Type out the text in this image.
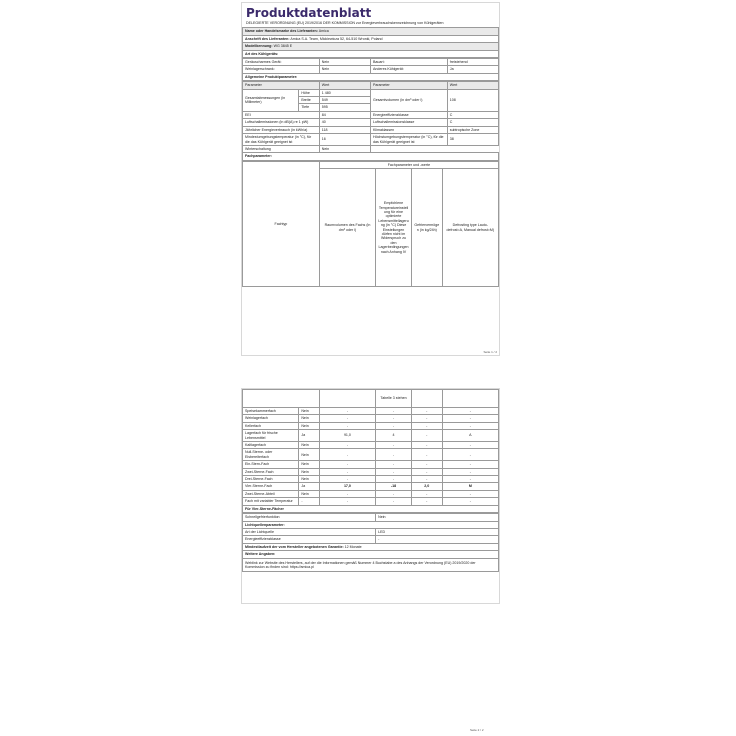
Produktdatenblatt
DELEGIERTE VERORDNUNG (EU) 2019/2016 DER KOMMISSION zur Energieverbrauchskennzeichnung von Kühlgeräten
Name oder Handelsmarke des Lieferanten: Amica
Anschrift des Lieferanten: Amica S.A. Team, Mickiewicza 52, 64-510 Wronki, Poland
Modellkennung: WG 3845 E
Art des Kühlgeräts:
Geräuscharmes Gerät:	Nein	Bauart:	freistehend
Weinlagerschrank:	Nein	Anderes Kühlgerät:	Ja
Allgemeine Produktparameter:			
Parameter		Wert	Parameter	Wert
Gesamtabmessungen (in Millimeter)	Höhe	1 480	Gesamtvolumen (in dm³ oder l)	108
	Breite	549		
	Tiefe	595		
EEI		84	Energieeffizienzklasse	C
Luftschallemissionen (in dB(A) re 1 pW)		40	Luftschallemissionsklasse	C
Jährlicher Energieverbrauch (in kWh/a)		118	Klimaklassen	subtropische Zone
Mindestumgebungstemperatur (in °C), für die das Kühlgerät geeignet ist		16	Höchstumgebungstemperatur (in °C), für die das Kühlgerät geeignet ist	38
Winterschaltung		Nein		
Fachparameter:				
Fachtyp	Fachparameter und -werte			
	Raumvolumen des Fachs (in dm³ oder l)	Empfohlene Temperatureinstellung für eine optimierte Lebensmittellagerung (in °C) Diese Einstellungen dürfen nicht im Widerspruch zu den Lagerbedingungen nach Anhang IV	Gefriervermögen (in kg/24h)	Defrosting type Lauto-defrost=A, Manual defrost=M)
Seite 1 / 2
			Tabelle 3 stehen		
Speisekammerfach	Nein	-	-	-	-
Weinlagerfach	Nein	-	-	-	-
Kellerfach	Nein	-	-	-	-
Lagerfach für frische Lebensmittel	Ja	91,0	4	-	A
Kaltlagerfach	Nein	-	-	-	-
Null-Sterne- oder Eisbereiterfach	Nein	-	-	-	-
Ein-Stern-Fach	Nein	-	-	-	-
Zwei-Sterne-Fach	Nein	-	-	-	-
Drei-Sterne-Fach	Nein	-	-	-	-
Vier-Sterne-Fach	Ja	17,0	-18	2,0	M
Zwei-Sterne-Abteil	Nein	-	-	-	-
Fach mit variabler Temperatur	-	-	-	-	-
Für Vier-Sterne-Fächer					
Schnellgefrierfunktion	Nein
Lichtquellenparameter:	
Art der Lichtquelle	LED
Energieeffizienzklasse	-
Mindestlaufzeit der vom Hersteller angebotenen Garantie: 12 Monate	
Weitere Angaben:	
Weblink zur Website des Herstellers, auf der die Informationen gemäß Nummer 4 Buchstabe a des Anhangs der Verordnung (EU) 2019/2020 der Kommission zu finden sind: https://amica.pl	
Seite 2 / 2
